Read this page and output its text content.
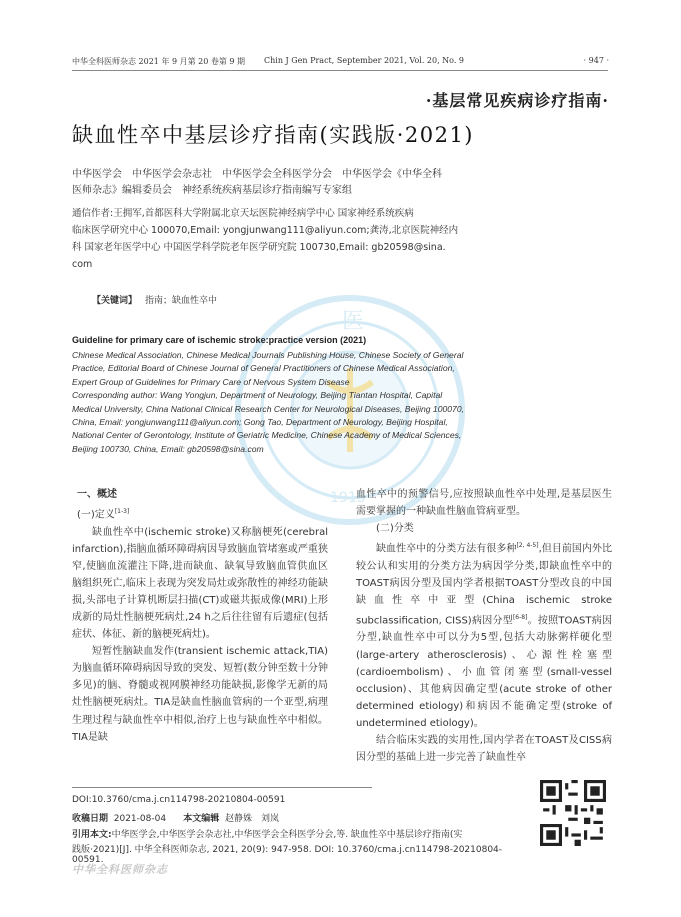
中华全科医师杂志 2021 年 9 月第 20 卷第 9 期 Chin J Gen Pract, September 2021, Vol. 20, No. 9	· 947 ·
·基层常见疾病诊疗指南·
缺血性卒中基层诊疗指南(实践版·2021)
医
1915
中华医学会　中华医学会杂志社　中华医学会全科医学分会　中华医学会《中华全科
医师杂志》编辑委员会　神经系统疾病基层诊疗指南编写专家组
通信作者:王拥军,首都医科大学附属北京天坛医院神经病学中心 国家神经系统疾病
临床医学研究中心 100070,Email: yongjunwang111@aliyun.com;龚涛,北京医院神经内
科 国家老年医学中心 中国医学科学院老年医学研究院 100730,Email: gb20598@sina.
com
【关键词】 指南；缺血性卒中
Guideline for primary care of ischemic stroke:practice version (2021)
Chinese Medical Association, Chinese Medical Journals Publishing House, Chinese Society of General
Practice, Editorial Board of Chinese Journal of General Practitioners of Chinese Medical Association,
Expert Group of Guidelines for Primary Care of Nervous System Disease
Corresponding author: Wang Yongjun, Department of Neurology, Beijing Tiantan Hospital, Capital
Medical University, China National Clinical Research Center for Neurological Diseases, Beijing 100070,
China, Email: yongjunwang111@aliyun.com; Gong Tao, Department of Neurology, Beijing Hospital,
National Center of Gerontology, Institute of Geriatric Medicine, Chinese Academy of Medical Sciences,
Beijing 100730, China, Email: gb20598@sina.com

一、概述

(一)定义[1-3]

缺血性卒中(ischemic stroke)又称脑梗死(cerebral infarction),指脑血循环障碍病因导致脑血管堵塞或严重狭窄,使脑血流灌注下降,进而缺血、缺氧导致脑血管供血区脑组织死亡,临床上表现为突发局灶或弥散性的神经功能缺损,头部电子计算机断层扫描(CT)或磁共振成像(MRI)上形成新的局灶性脑梗死病灶,24 h之后往往留有后遗症(包括症状、体征、新的脑梗死病灶)。

短暂性脑缺血发作(transient ischemic attack,TIA)为脑血循环障碍病因导致的突发、短暂(数分钟至数十分钟多见)的脑、脊髓或视网膜神经功能缺损,影像学无新的局灶性脑梗死病灶。TIA是缺血性脑血管病的一个亚型,病理生理过程与缺血性卒中相似,治疗上也与缺血性卒中相似。TIA是缺

血性卒中的预警信号,应按照缺血性卒中处理,是基层医生需要掌握的一种缺血性脑血管病亚型。

(二)分类

缺血性卒中的分类方法有很多种[2, 4-5],但目前国内外比较公认和实用的分类方法为病因学分类,即缺血性卒中的TOAST病因分型及国内学者根据TOAST分型改良的中国缺血性卒中亚型(China ischemic stroke subclassification, CISS)病因分型[6-8]。按照TOAST病因分型,缺血性卒中可以分为5型,包括大动脉粥样硬化型(large-artery atherosclerosis)、心源性栓塞型(cardioembolism)、小血管闭塞型(small-vessel occlusion)、其他病因确定型(acute stroke of other determined etiology)和病因不能确定型(stroke of undetermined etiology)。

结合临床实践的实用性,国内学者在TOAST及CISS病因分型的基础上进一步完善了缺血性卒

DOI:10.3760/cma.j.cn114798-20210804-00591
收稿日期 2021-08-04 本文编辑 赵静姝　刘岚
引用本文:中华医学会,中华医学会杂志社,中华医学会全科医学分会,等. 缺血性卒中基层诊疗指南(实
践版·2021)[J]. 中华全科医师杂志, 2021, 20(9): 947-958. DOI: 10.3760/cma.j.cn114798-20210804-00591.
中华全科医师杂志
